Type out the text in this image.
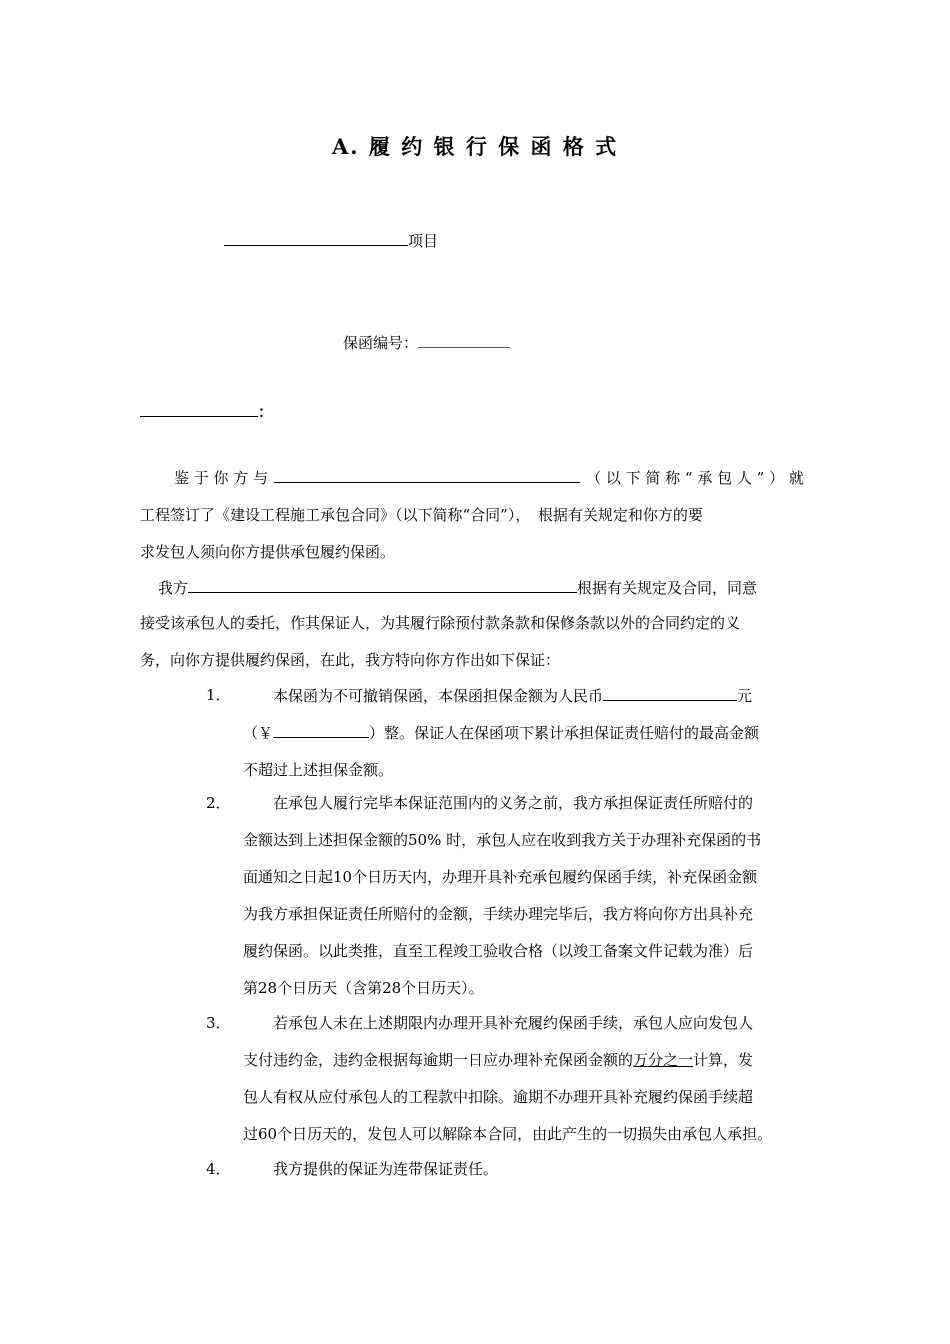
A. 履 约 银 行 保 函 格 式
项目
保函编号：
：
鉴 于 你 方 与	（ 以 下 简 称 “ 承 包 人 ” ） 就
工程签订了《建设工程施工承包合同》（以下简称“合同”），　根据有关规定和你方的要
求发包人须向你方提供承包履约保函。
我方	根据有关规定及合同，同意
接受该承包人的委托，作其保证人，为其履行除预付款条款和保修条款以外的合同约定的义
务，向你方提供履约保函，在此，我方特向你方作出如下保证：
1．	本保函为不可撤销保函，本保函担保金额为人民币	元
（￥	）整。保证人在保函项下累计承担保证责任赔付的最高金额
不超过上述担保金额。
2．	在承包人履行完毕本保证范围内的义务之前，我方承担保证责任所赔付的
金额达到上述担保金额的50% 时，承包人应在收到我方关于办理补充保函的书
面通知之日起10个日历天内，办理开具补充承包履约保函手续，补充保函金额
为我方承担保证责任所赔付的金额，手续办理完毕后，我方将向你方出具补充
履约保函。以此类推，直至工程竣工验收合格（以竣工备案文件记载为准）后
第28个日历天（含第28个日历天）。
3．	若承包人未在上述期限内办理开具补充履约保函手续，承包人应向发包人
支付违约金，违约金根据每逾期一日应办理补充保函金额的万分之一计算，发
包人有权从应付承包人的工程款中扣除。逾期不办理开具补充履约保函手续超
过60个日历天的，发包人可以解除本合同，由此产生的一切损失由承包人承担。
4．	我方提供的保证为连带保证责任。
